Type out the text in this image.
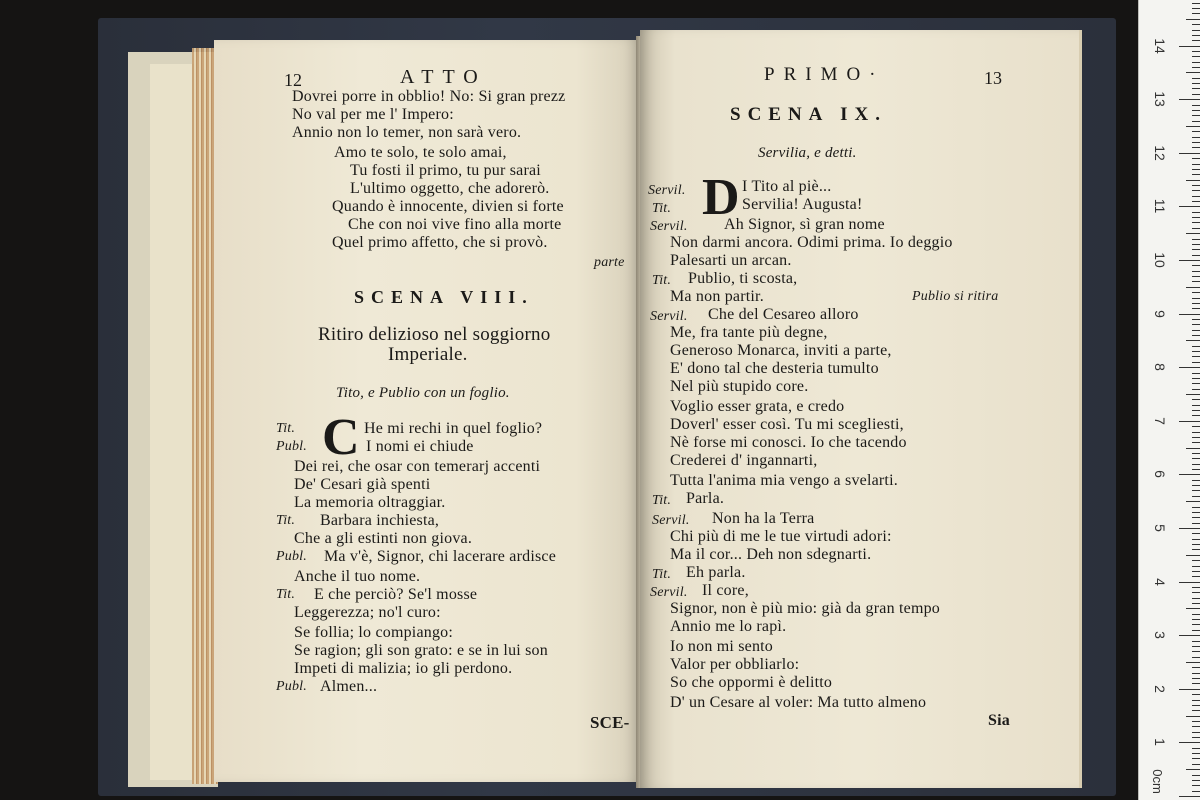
12	ATTO
Dovrei porre in obblio! No: Si gran prezz
No val per me l' Impero:
Annio non lo temer, non sarà vero.
Amo te solo, te solo amai,
Tu fosti il primo, tu pur sarai
L'ultimo oggetto, che adorerò.
Quando è innocente, divien si forte
Che con noi vive fino alla morte
Quel primo affetto, che si provò.
parte
SCENA VIII.
Ritiro delizioso nel soggiorno
Imperiale.
Tito, e Publio con un foglio.
C
Tit.	He mi rechi in quel foglio?
Publ.	I nomi ei chiude
Dei rei, che osar con temerarj accenti
De' Cesari già spenti
La memoria oltraggiar.
Tit. Barbara inchiesta,
Che a gli estinti non giova.
Publ. Ma v'è, Signor, chi lacerare ardisce
Anche il tuo nome.
Tit. E che perciò? Se'l mosse
Leggerezza; no'l curo:
Se follia; lo compiango:
Se ragion; gli son grato: e se in lui son
Impeti di malizia; io gli perdono.
Publ. Almen...
SCE-
PRIMO·	13
SCENA IX.
Servilia, e detti.
D
Servil.	I Tito al piè...
Tit.	Servilia! Augusta!
Servil. Ah Signor, sì gran nome
Non darmi ancora. Odimi prima. Io deggio
Palesarti un arcan.
Tit. Publio, ti scosta,
Ma non partir.	Publio si ritira
Servil. Che del Cesareo alloro
Me, fra tante più degne,
Generoso Monarca, inviti a parte,
E' dono tal che desteria tumulto
Nel più stupido core.
Voglio esser grata, e credo
Doverl' esser così. Tu mi scegliesti,
Nè forse mi conosci. Io che tacendo
Crederei d' ingannarti,
Tutta l'anima mia vengo a svelarti.
Tit. Parla.
Servil. Non ha la Terra
Chi più di me le tue virtudi adori:
Ma il cor... Deh non sdegnarti.
Tit. Eh parla.
Servil. Il core,
Signor, non è più mio: già da gran tempo
Annio me lo rapì.
Io non mi sento
Valor per obbliarlo:
So che oppormi è delitto
D' un Cesare al voler: Ma tutto almeno
Sia
0cm
14
13
12
11
10
9
8
7
6
5
4
3
2
1
